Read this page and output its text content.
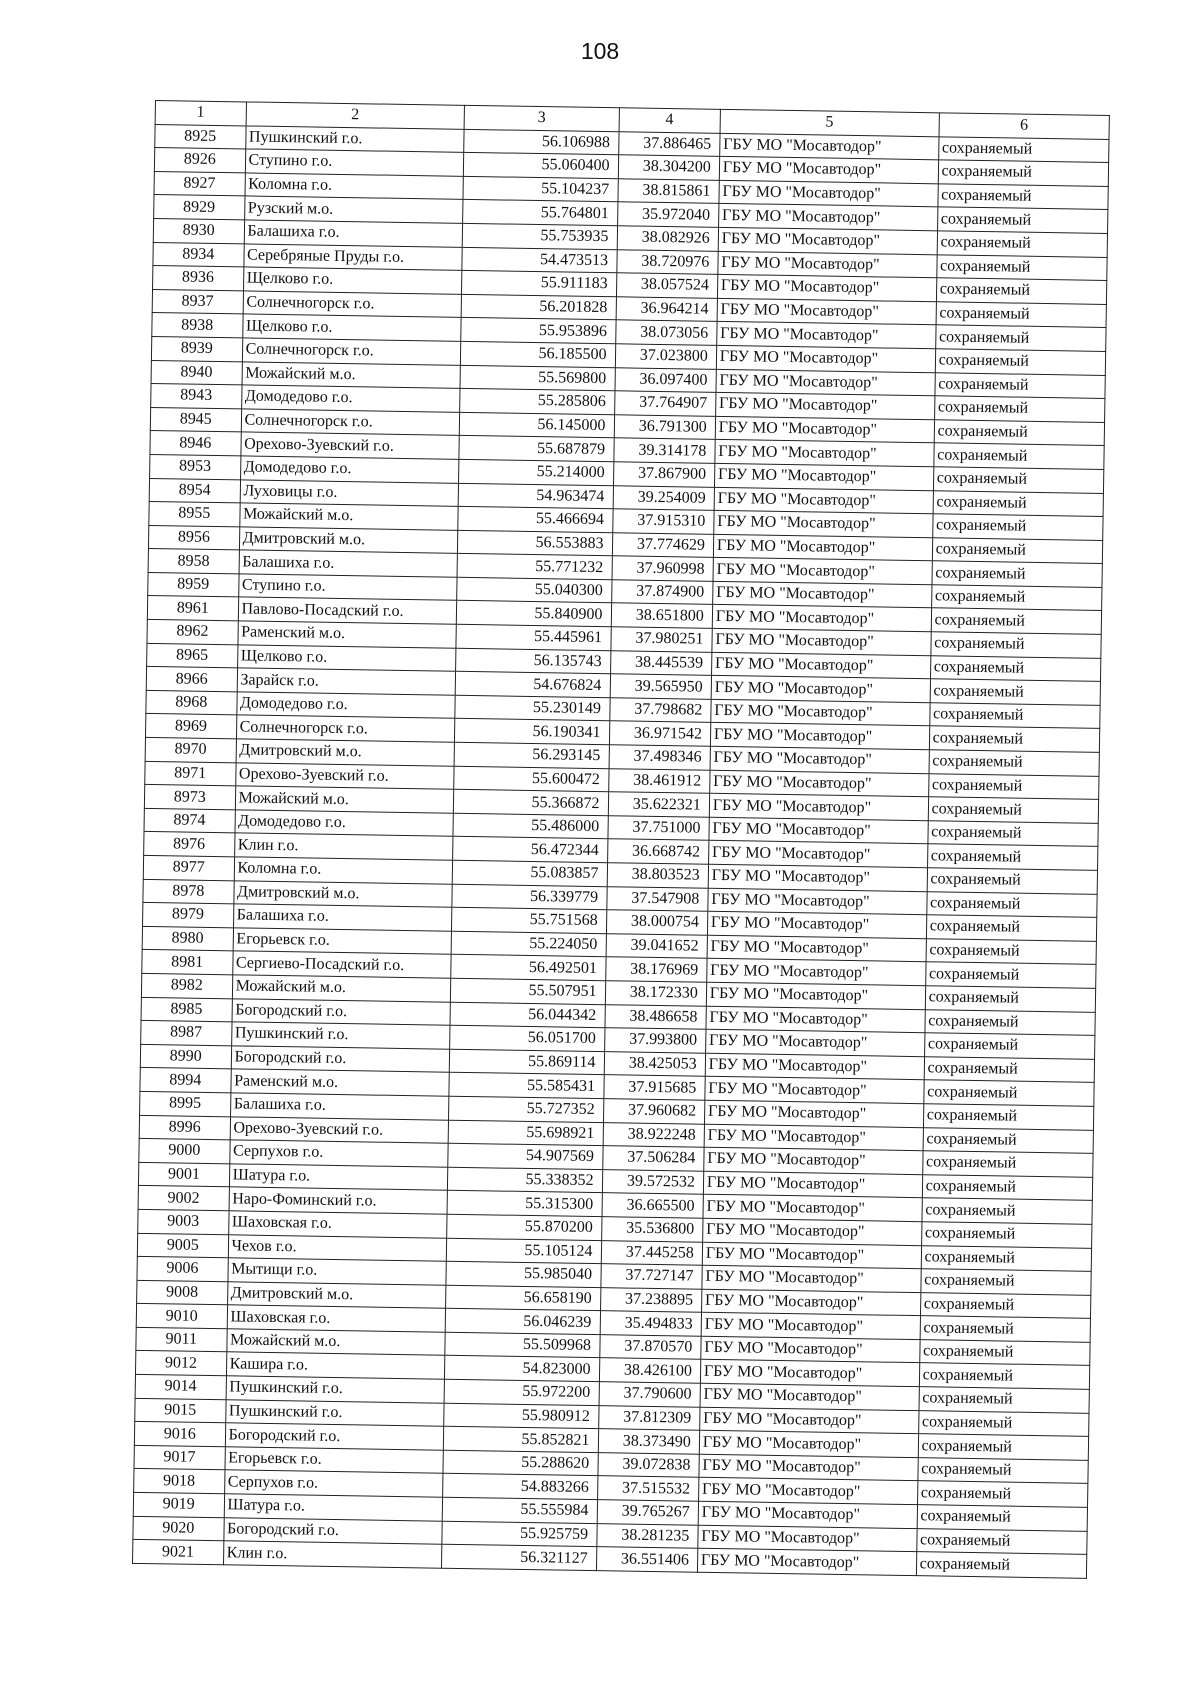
108
1	2	3	4	5	6
8925	Пушкинский г.о.	56.106988	37.886465	ГБУ МО "Мосавтодор"	сохраняемый
8926	Ступино г.о.	55.060400	38.304200	ГБУ МО "Мосавтодор"	сохраняемый
8927	Коломна г.о.	55.104237	38.815861	ГБУ МО "Мосавтодор"	сохраняемый
8929	Рузский м.о.	55.764801	35.972040	ГБУ МО "Мосавтодор"	сохраняемый
8930	Балашиха г.о.	55.753935	38.082926	ГБУ МО "Мосавтодор"	сохраняемый
8934	Серебряные Пруды г.о.	54.473513	38.720976	ГБУ МО "Мосавтодор"	сохраняемый
8936	Щелково г.о.	55.911183	38.057524	ГБУ МО "Мосавтодор"	сохраняемый
8937	Солнечногорск г.о.	56.201828	36.964214	ГБУ МО "Мосавтодор"	сохраняемый
8938	Щелково г.о.	55.953896	38.073056	ГБУ МО "Мосавтодор"	сохраняемый
8939	Солнечногорск г.о.	56.185500	37.023800	ГБУ МО "Мосавтодор"	сохраняемый
8940	Можайский м.о.	55.569800	36.097400	ГБУ МО "Мосавтодор"	сохраняемый
8943	Домодедово г.о.	55.285806	37.764907	ГБУ МО "Мосавтодор"	сохраняемый
8945	Солнечногорск г.о.	56.145000	36.791300	ГБУ МО "Мосавтодор"	сохраняемый
8946	Орехово-Зуевский г.о.	55.687879	39.314178	ГБУ МО "Мосавтодор"	сохраняемый
8953	Домодедово г.о.	55.214000	37.867900	ГБУ МО "Мосавтодор"	сохраняемый
8954	Луховицы г.о.	54.963474	39.254009	ГБУ МО "Мосавтодор"	сохраняемый
8955	Можайский м.о.	55.466694	37.915310	ГБУ МО "Мосавтодор"	сохраняемый
8956	Дмитровский м.о.	56.553883	37.774629	ГБУ МО "Мосавтодор"	сохраняемый
8958	Балашиха г.о.	55.771232	37.960998	ГБУ МО "Мосавтодор"	сохраняемый
8959	Ступино г.о.	55.040300	37.874900	ГБУ МО "Мосавтодор"	сохраняемый
8961	Павлово-Посадский г.о.	55.840900	38.651800	ГБУ МО "Мосавтодор"	сохраняемый
8962	Раменский м.о.	55.445961	37.980251	ГБУ МО "Мосавтодор"	сохраняемый
8965	Щелково г.о.	56.135743	38.445539	ГБУ МО "Мосавтодор"	сохраняемый
8966	Зарайск г.о.	54.676824	39.565950	ГБУ МО "Мосавтодор"	сохраняемый
8968	Домодедово г.о.	55.230149	37.798682	ГБУ МО "Мосавтодор"	сохраняемый
8969	Солнечногорск г.о.	56.190341	36.971542	ГБУ МО "Мосавтодор"	сохраняемый
8970	Дмитровский м.о.	56.293145	37.498346	ГБУ МО "Мосавтодор"	сохраняемый
8971	Орехово-Зуевский г.о.	55.600472	38.461912	ГБУ МО "Мосавтодор"	сохраняемый
8973	Можайский м.о.	55.366872	35.622321	ГБУ МО "Мосавтодор"	сохраняемый
8974	Домодедово г.о.	55.486000	37.751000	ГБУ МО "Мосавтодор"	сохраняемый
8976	Клин г.о.	56.472344	36.668742	ГБУ МО "Мосавтодор"	сохраняемый
8977	Коломна г.о.	55.083857	38.803523	ГБУ МО "Мосавтодор"	сохраняемый
8978	Дмитровский м.о.	56.339779	37.547908	ГБУ МО "Мосавтодор"	сохраняемый
8979	Балашиха г.о.	55.751568	38.000754	ГБУ МО "Мосавтодор"	сохраняемый
8980	Егорьевск г.о.	55.224050	39.041652	ГБУ МО "Мосавтодор"	сохраняемый
8981	Сергиево-Посадский г.о.	56.492501	38.176969	ГБУ МО "Мосавтодор"	сохраняемый
8982	Можайский м.о.	55.507951	38.172330	ГБУ МО "Мосавтодор"	сохраняемый
8985	Богородский г.о.	56.044342	38.486658	ГБУ МО "Мосавтодор"	сохраняемый
8987	Пушкинский г.о.	56.051700	37.993800	ГБУ МО "Мосавтодор"	сохраняемый
8990	Богородский г.о.	55.869114	38.425053	ГБУ МО "Мосавтодор"	сохраняемый
8994	Раменский м.о.	55.585431	37.915685	ГБУ МО "Мосавтодор"	сохраняемый
8995	Балашиха г.о.	55.727352	37.960682	ГБУ МО "Мосавтодор"	сохраняемый
8996	Орехово-Зуевский г.о.	55.698921	38.922248	ГБУ МО "Мосавтодор"	сохраняемый
9000	Серпухов г.о.	54.907569	37.506284	ГБУ МО "Мосавтодор"	сохраняемый
9001	Шатура г.о.	55.338352	39.572532	ГБУ МО "Мосавтодор"	сохраняемый
9002	Наро-Фоминский г.о.	55.315300	36.665500	ГБУ МО "Мосавтодор"	сохраняемый
9003	Шаховская г.о.	55.870200	35.536800	ГБУ МО "Мосавтодор"	сохраняемый
9005	Чехов г.о.	55.105124	37.445258	ГБУ МО "Мосавтодор"	сохраняемый
9006	Мытищи г.о.	55.985040	37.727147	ГБУ МО "Мосавтодор"	сохраняемый
9008	Дмитровский м.о.	56.658190	37.238895	ГБУ МО "Мосавтодор"	сохраняемый
9010	Шаховская г.о.	56.046239	35.494833	ГБУ МО "Мосавтодор"	сохраняемый
9011	Можайский м.о.	55.509968	37.870570	ГБУ МО "Мосавтодор"	сохраняемый
9012	Кашира г.о.	54.823000	38.426100	ГБУ МО "Мосавтодор"	сохраняемый
9014	Пушкинский г.о.	55.972200	37.790600	ГБУ МО "Мосавтодор"	сохраняемый
9015	Пушкинский г.о.	55.980912	37.812309	ГБУ МО "Мосавтодор"	сохраняемый
9016	Богородский г.о.	55.852821	38.373490	ГБУ МО "Мосавтодор"	сохраняемый
9017	Егорьевск г.о.	55.288620	39.072838	ГБУ МО "Мосавтодор"	сохраняемый
9018	Серпухов г.о.	54.883266	37.515532	ГБУ МО "Мосавтодор"	сохраняемый
9019	Шатура г.о.	55.555984	39.765267	ГБУ МО "Мосавтодор"	сохраняемый
9020	Богородский г.о.	55.925759	38.281235	ГБУ МО "Мосавтодор"	сохраняемый
9021	Клин г.о.	56.321127	36.551406	ГБУ МО "Мосавтодор"	сохраняемый
